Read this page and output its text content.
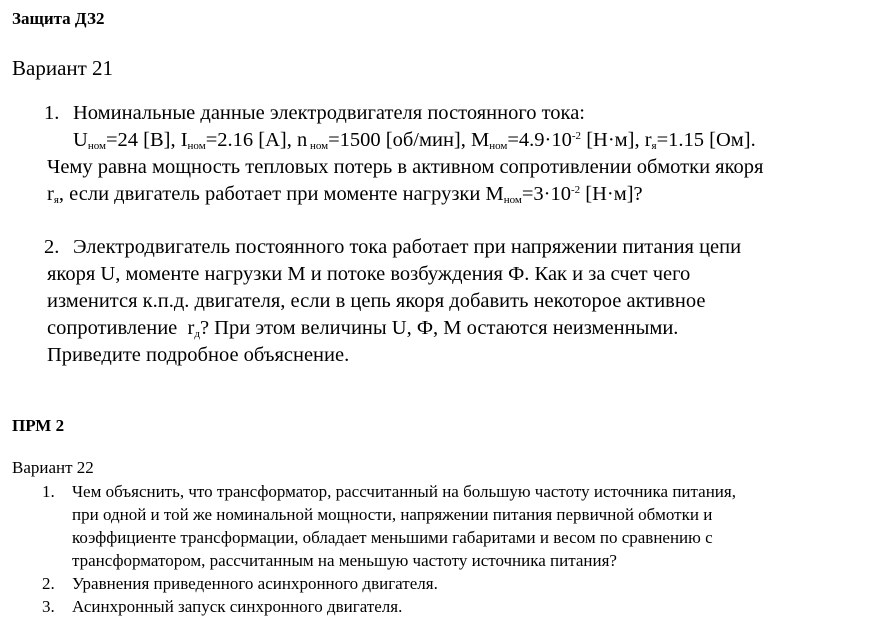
Защита ДЗ2
Вариант 21
1. Номинальные данные электродвигателя постоянного тока:
$U_{ном}=24$ [В], $I_{ном}=2.16$ [А], n $_{ном}$=1500 [об/мин], $M_{ном}=4.9\cdot 10^{-2}$ [Н·м], $r_я=1.15$ [Ом].
Чему равна мощность тепловых потерь в активном сопротивлении обмотки якоря
$r_я$, если двигатель работает при моменте нагрузки $M_{ном}=3\cdot 10^{-2}$ [Н·м]?
2. Электродвигатель постоянного тока работает при напряжении питания цепи
якоря U, моменте нагрузки M и потоке возбуждения Ф. Как и за счет чего
изменится к.п.д. двигателя, если в цепь якоря добавить некоторое активное
сопротивление  $r_д$? При этом величины U, Ф, M остаются неизменными.
Приведите подробное объяснение.
ПРМ 2
Вариант 22
1. Чем объяснить, что трансформатор, рассчитанный на большую частоту источника питания,
при одной и той же номинальной мощности, напряжении питания первичной обмотки и
коэффициенте трансформации, обладает меньшими габаритами и весом по сравнению с
трансформатором, рассчитанным на меньшую частоту источника питания?
2. Уравнения приведенного асинхронного двигателя.
3. Асинхронный запуск синхронного двигателя.
